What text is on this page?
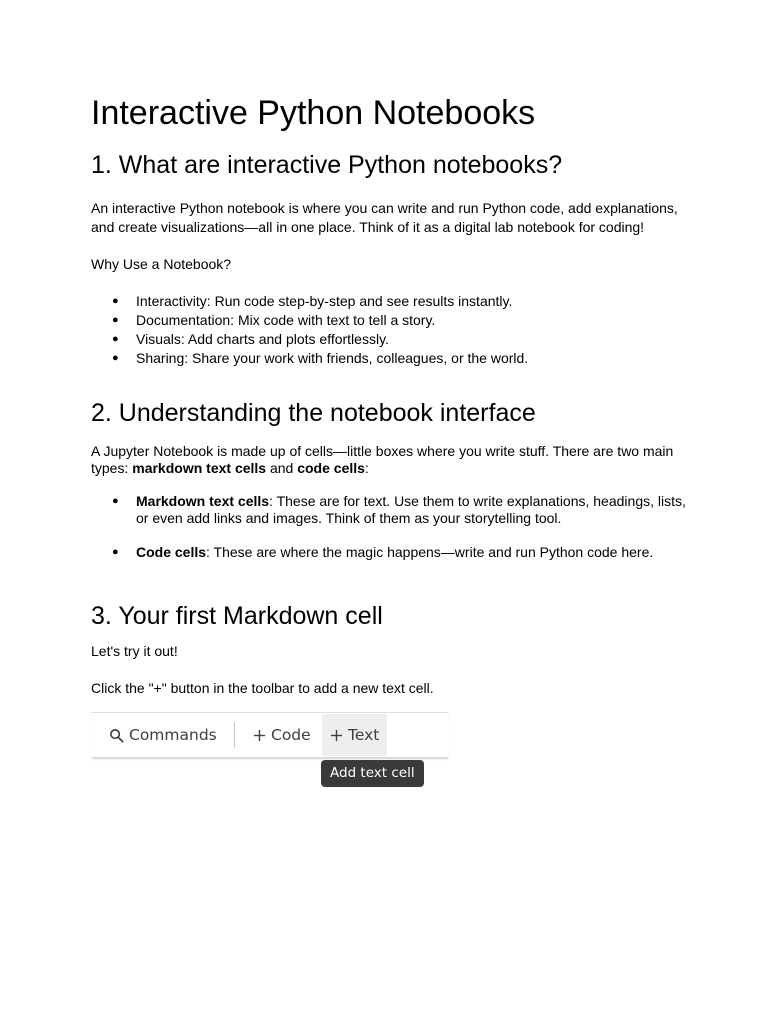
Interactive Python Notebooks
1. What are interactive Python notebooks?

An interactive Python notebook is where you can write and run Python code, add explanations, and create visualizations—all in one place. Think of it as a digital lab notebook for coding!

Why Use a Notebook?

● Interactivity: Run code step-by-step and see results instantly.
● Documentation: Mix code with text to tell a story.
● Visuals: Add charts and plots effortlessly.
● Sharing: Share your work with friends, colleagues, or the world.
2. Understanding the notebook interface

A Jupyter Notebook is made up of cells—little boxes where you write stuff. There are two main types: markdown text cells and code cells:

● Markdown text cells: These are for text. Use them to write explanations, headings, lists, or even add links and images. Think of them as your storytelling tool.
● Code cells: These are where the magic happens—write and run Python code here.
3. Your first Markdown cell

Let's try it out!

Click the "+" button in the toolbar to add a new text cell.

Commands	Code Text
Add text cell
